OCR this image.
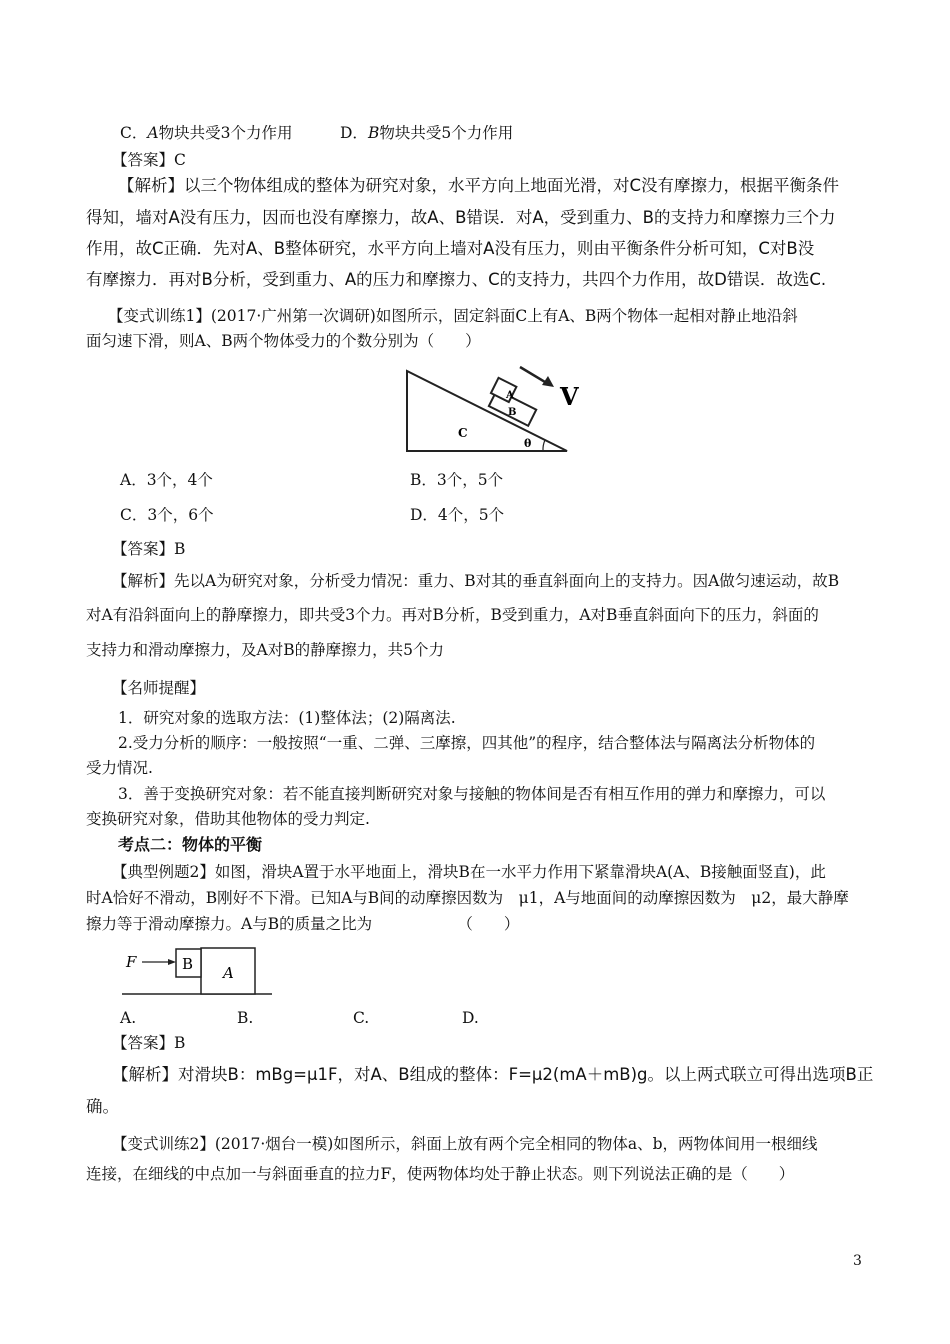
C．A物块共受3个力作用	D．B物块共受5个力作用
【答案】C
【解析】以三个物体组成的整体为研究对象，水平方向上地面光滑，对C没有摩擦力，根据平衡条件
得知，墙对A没有压力，因而也没有摩擦力，故A、B错误．对A，受到重力、B的支持力和摩擦力三个力
作用，故C正确．先对A、B整体研究，水平方向上墙对A没有压力，则由平衡条件分析可知，C对B没
有摩擦力．再对B分析，受到重力、A的压力和摩擦力、C的支持力，共四个力作用，故D错误．故选C.
【变式训练1】(2017·广州第一次调研)如图所示，固定斜面C上有A、B两个物体一起相对静止地沿斜
面匀速下滑，则A、B两个物体受力的个数分别为（　　）
A
B
C
θ
V
A．3个，4个	B．3个，5个
C．3个，6个	D．4个，5个
【答案】B
【解析】先以A为研究对象，分析受力情况：重力、B对其的垂直斜面向上的支持力。因A做匀速运动，故B
对A有沿斜面向上的静摩擦力，即共受3个力。再对B分析，B受到重力，A对B垂直斜面向下的压力，斜面的
支持力和滑动摩擦力，及A对B的静摩擦力，共5个力
【名师提醒】
1．研究对象的选取方法：(1)整体法；(2)隔离法.
2.受力分析的顺序：一般按照“一重、二弹、三摩擦，四其他”的程序，结合整体法与隔离法分析物体的
受力情况.
3．善于变换研究对象：若不能直接判断研究对象与接触的物体间是否有相互作用的弹力和摩擦力，可以
变换研究对象，借助其他物体的受力判定.
考点二：物体的平衡
【典型例题2】如图，滑块A置于水平地面上，滑块B在一水平力作用下紧靠滑块A(A、B接触面竖直)，此
时A恰好不滑动，B刚好不下滑。已知A与B间的动摩擦因数为　μ1，A与地面间的动摩擦因数为　μ2，最大静摩
擦力等于滑动摩擦力。A与B的质量之比为　　　　　　（　　）
F	B A
A.	B.	C.	D.
【答案】B
【解析】对滑块B：mBg=μ1F，对A、B组成的整体：F=μ2(mA＋mB)g。以上两式联立可得出选项B正
确。
【变式训练2】(2017·烟台一模)如图所示，斜面上放有两个完全相同的物体a、b，两物体间用一根细线
连接，在细线的中点加一与斜面垂直的拉力F，使两物体均处于静止状态。则下列说法正确的是（　　）
3
